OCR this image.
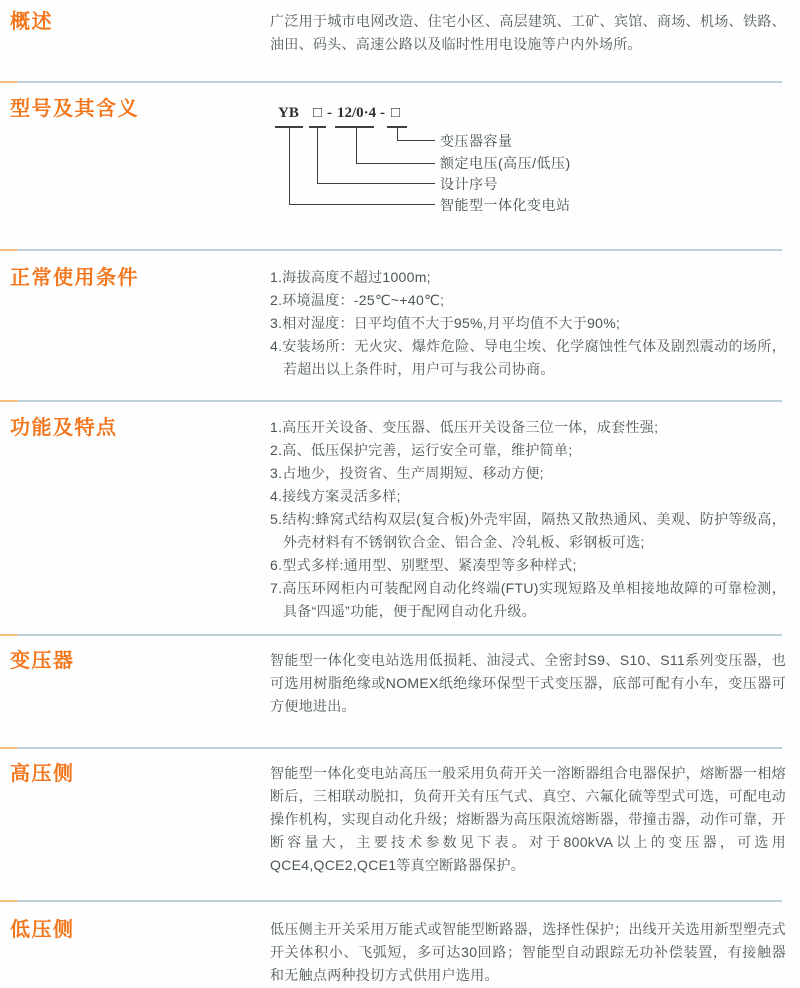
概述	广泛用于城市电网改造、住宅小区、高层建筑、工矿、宾馆、商场、机场、铁路、油田、码头、高速公路以及临时性用电设施等户内外场所。

型号及其含义	YB □ - 12/0·4 - □
变压器容量
额定电压(高压/低压)
设计序号
智能型一体化变电站
正常使用条件	1.海拔高度不超过1000m;
2.环境温度：-25℃~+40℃;
3.相对湿度：日平均值不大于95%,月平均值不大于90%;
4.安装场所：无火灾、爆炸危险、导电尘埃、化学腐蚀性气体及剧烈震动的场所，若超出以上条件时，用户可与我公司协商。
功能及特点	1.高压开关设备、变压器、低压开关设备三位一体，成套性强;
2.高、低压保护完善，运行安全可靠，维护简单;
3.占地少，投资省、生产周期短、移动方便;
4.接线方案灵活多样;
5.结构:蜂窝式结构双层(复合板)外壳牢固，隔热又散热通风、美观、防护等级高，外壳材料有不锈钢钦合金、铝合金、冷轧板、彩钢板可选;
6.型式多样:通用型、别墅型、紧凑型等多种样式;
7.高压环网柜内可装配网自动化终端(FTU)实现短路及单相接地故障的可靠检测，具备“四遥”功能，便于配网自动化升级。
变压器	智能型一体化变电站选用低损耗、油浸式、全密封S9、S10、S11系列变压器，也可选用树脂绝缘或NOMEX纸绝缘环保型干式变压器，底部可配有小车，变压器可方便地进出。

高压侧	智能型一体化变电站高压一般采用负荷开关一溶断器组合电器保护，熔断器一相熔断后，三相联动脱扣，负荷开关有压气式、真空、六氟化硫等型式可选，可配电动操作机构，实现自动化升级；熔断器为高压限流熔断器，带撞击器，动作可靠，开断容量大，主要技术参数见下表。对于800kVA以上的变压器，可选用QCE4,QCE2,QCE1等真空断路器保护。

低压侧	低压侧主开关采用万能式或智能型断路器，选择性保护；出线开关选用新型塑壳式开关体积小、飞弧短，多可达30回路；智能型自动跟踪无功补偿装置，有接触器和无触点两种投切方式供用户选用。
